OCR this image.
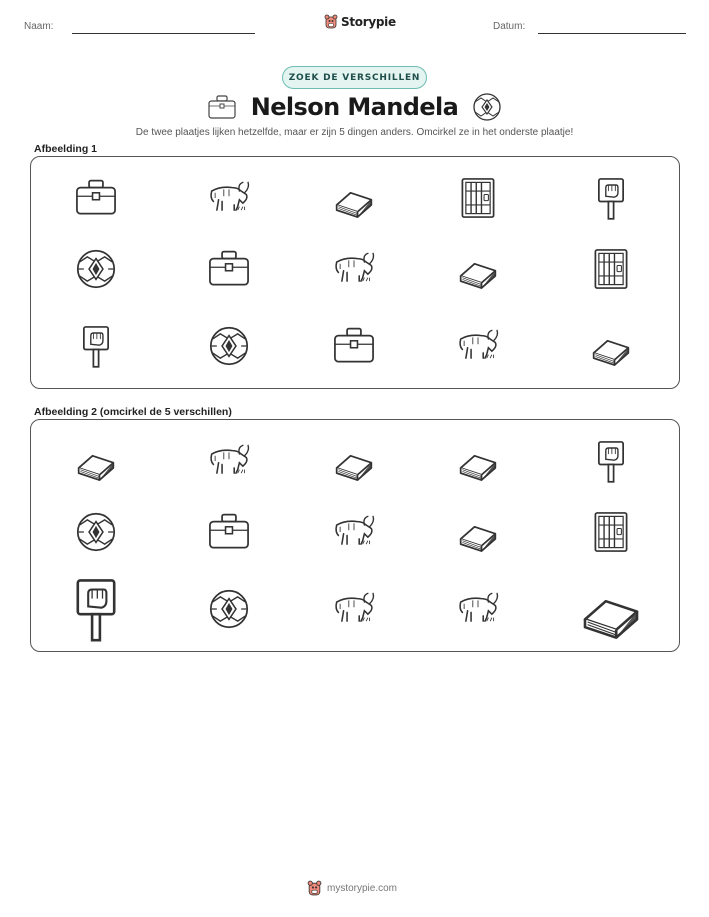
Naam:	Storypie	Datum:
ZOEK DE VERSCHILLEN
Nelson Mandela
De twee plaatjes lijken hetzelfde, maar er zijn 5 dingen anders. Omcirkel ze in het onderste plaatje!
Afbeelding 1
Afbeelding 2 (omcirkel de 5 verschillen)
mystorypie.com
